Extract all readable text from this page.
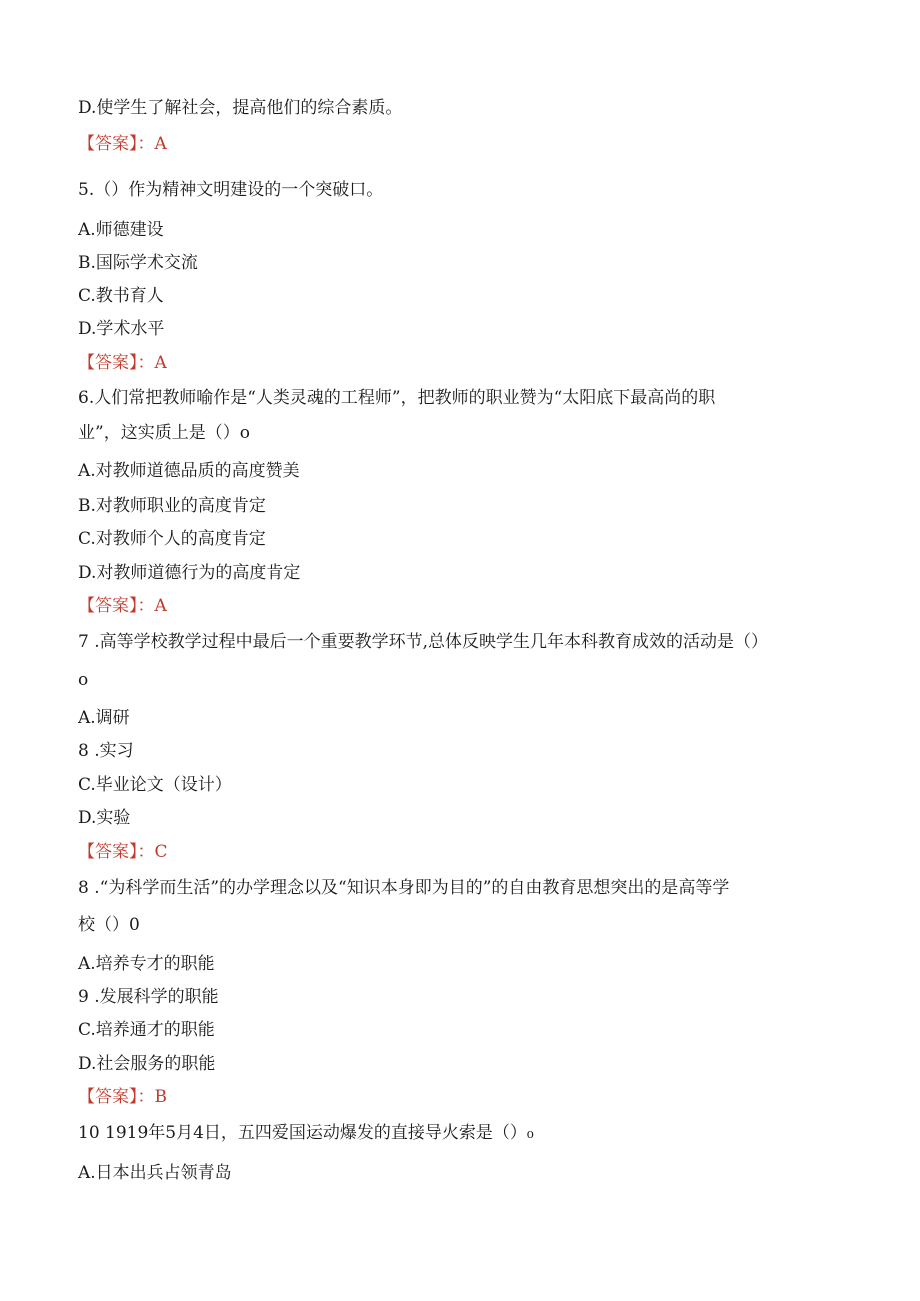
D.使学生了解社会，提高他们的综合素质。
【答案】：A
5.（）作为精神文明建设的一个突破口。
A.师德建设
B.国际学术交流
C.教书育人
D.学术水平
【答案】：A
6.人们常把教师喻作是“人类灵魂的工程师”，把教师的职业赞为“太阳底下最高尚的职
业”，这实质上是（）o
A.对教师道德品质的高度赞美
B.对教师职业的高度肯定
C.对教师个人的高度肯定
D.对教师道德行为的高度肯定
【答案】：A
7 .高等学校教学过程中最后一个重要教学环节,总体反映学生几年本科教育成效的活动是（）
o
A.调研
8 .实习
C.毕业论文（设计）
D.实验
【答案】：C
8 .“为科学而生活”的办学理念以及“知识本身即为目的”的自由教育思想突出的是高等学
校（）0
A.培养专才的职能
9 .发展科学的职能
C.培养通才的职能
D.社会服务的职能
【答案】：B
10 1919年5月4日，五四爱国运动爆发的直接导火索是（）₀
A.日本出兵占领青岛
